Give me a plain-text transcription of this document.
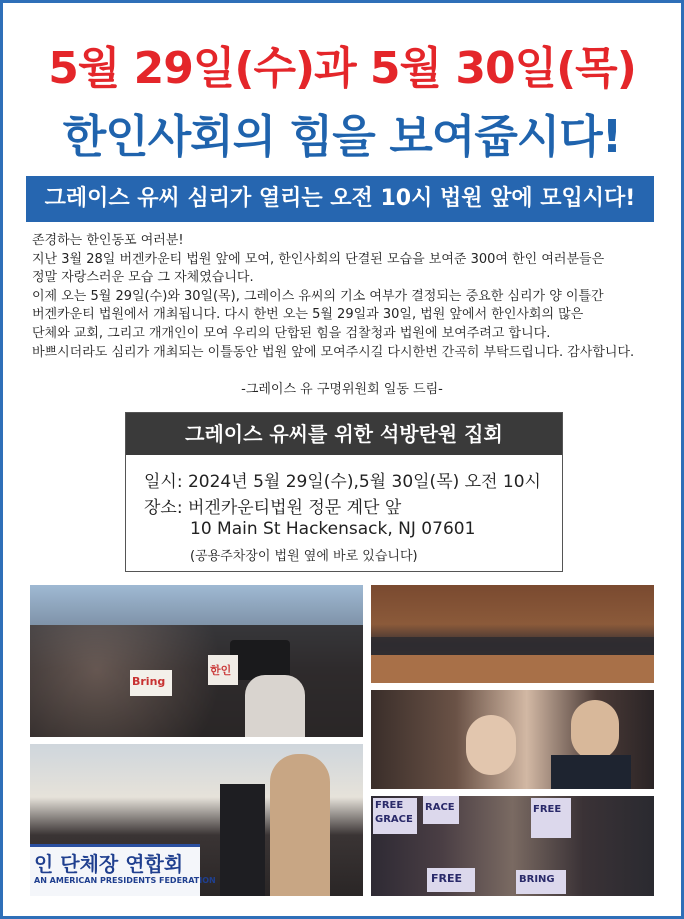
5월 29일(수)과 5월 30일(목)
한인사회의 힘을 보여줍시다!
그레이스 유씨 심리가 열리는 오전 10시 법원 앞에 모입시다!
존경하는 한인동포 여러분!
지난 3월 28일 버겐카운티 법원 앞에 모여, 한인사회의 단결된 모습을 보여준 300여 한인 여러분들은
정말 자랑스러운 모습 그 자체였습니다.
이제 오는 5월 29일(수)와 30일(목), 그레이스 유씨의 기소 여부가 결정되는 중요한 심리가 양 이틀간
버겐카운티 법원에서 개최됩니다. 다시 한번 오는 5월 29일과 30일, 법원 앞에서 한인사회의 많은
단체와 교회, 그리고 개개인이 모여 우리의 단합된 힘을 검찰청과 법원에 보여주려고 합니다.
바쁘시더라도 심리가 개최되는 이틀동안 법원 앞에 모여주시길 다시한번 간곡히 부탁드립니다. 감사합니다.
-그레이스 유 구명위원회 일동 드림-
그레이스 유씨를 위한 석방탄원 집회
일시: 2024년 5월 29일(수),5월 30일(목) 오전 10시
장소: 버겐카운티법원 정문 계단 앞
10 Main St Hackensack, NJ 07601
(공용주차장이 법원 옆에 바로 있습니다)
Bring
한인
인 단체장 연합회
AN AMERICAN PRESIDENTS FEDERATION
FREE
GRACE
RACE	FREE
FREE	BRING
